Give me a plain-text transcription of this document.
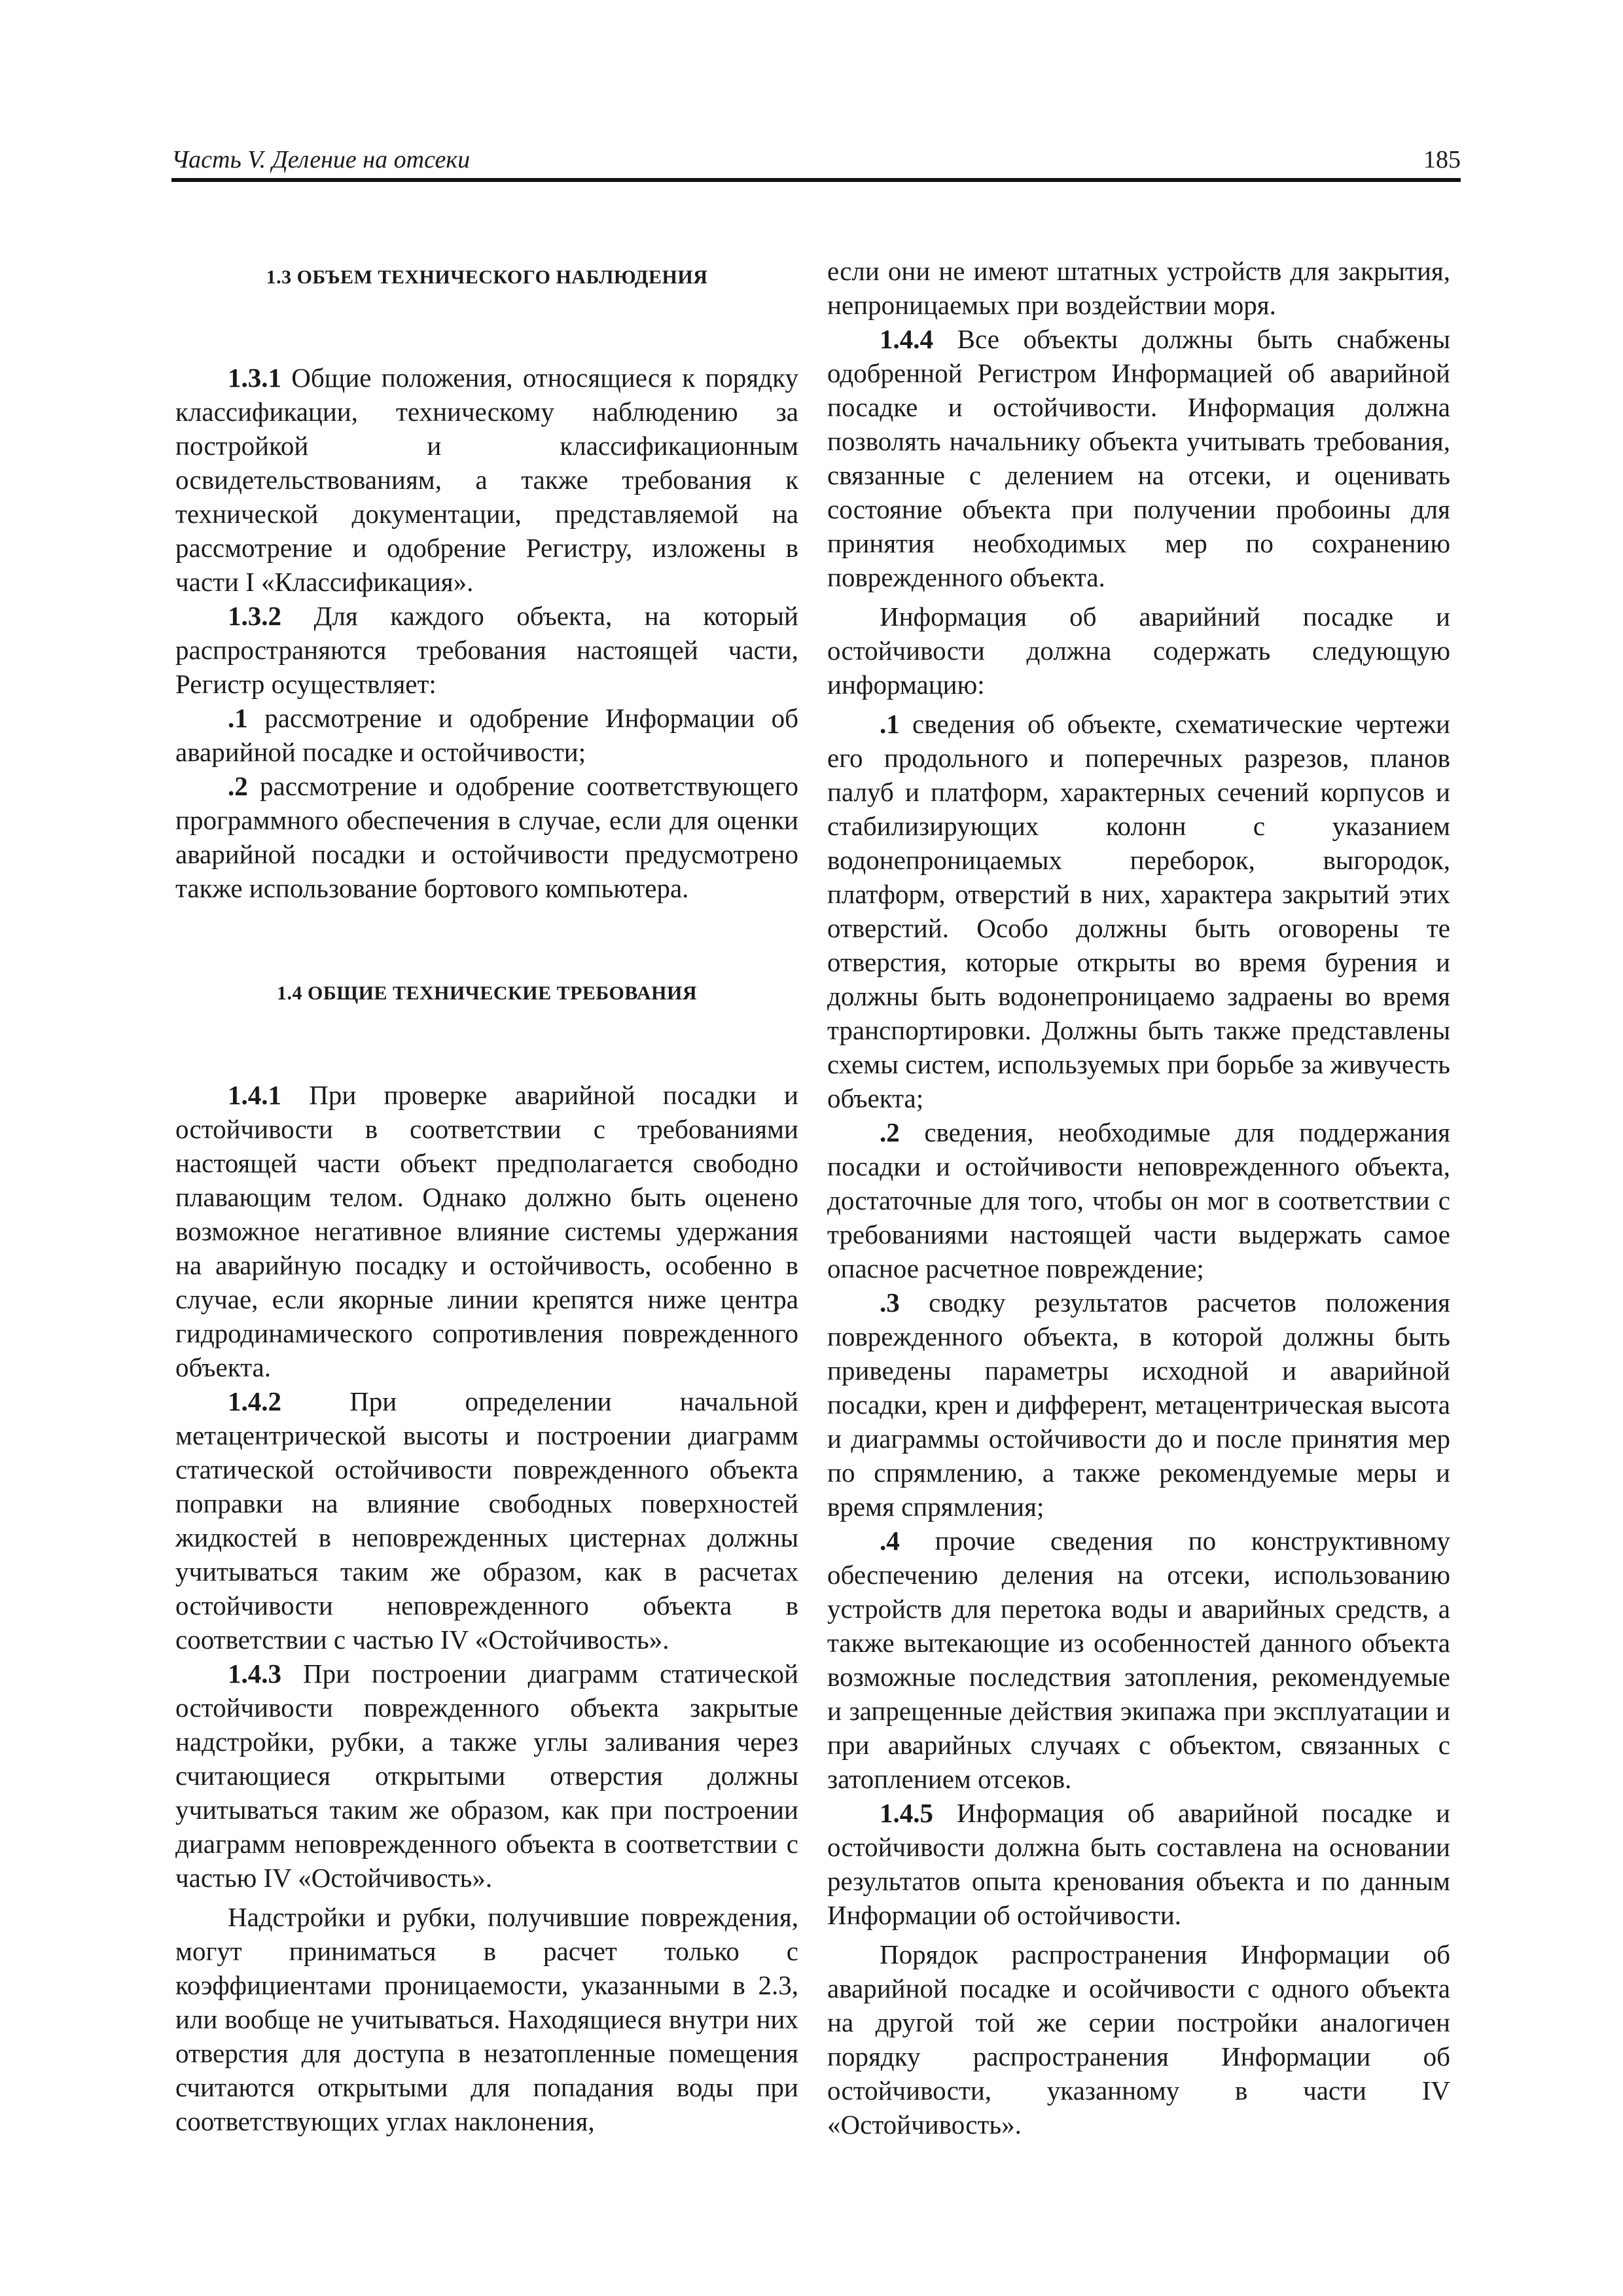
Часть V. Деление на отсеки	185

1.3 ОБЪЕМ ТЕХНИЧЕСКОГО НАБЛЮДЕНИЯ

1.3.1 Общие положения, относящиеся к порядку классификации, техническому наблюдению за постройкой и классификационным освидетельствованиям, а также требования к технической документации, представляемой на рассмотрение и одобрение Регистру, изложены в части I «Классификация».

1.3.2 Для каждого объекта, на который распространяются требования настоящей части, Регистр осуществляет:

.1 рассмотрение и одобрение Информации об аварийной посадке и остойчивости;

.2 рассмотрение и одобрение соответствующего программного обеспечения в случае, если для оценки аварийной посадки и остойчивости предусмотрено также использование бортового компьютера.

1.4 ОБЩИЕ ТЕХНИЧЕСКИЕ ТРЕБОВАНИЯ

1.4.1 При проверке аварийной посадки и остойчивости в соответствии с требованиями настоящей части объект предполагается свободно плавающим телом. Однако должно быть оценено возможное негативное влияние системы удержания на аварийную посадку и остойчивость, особенно в случае, если якорные линии крепятся ниже центра гидродинамического сопротивления поврежденного объекта.

1.4.2 При определении начальной метацентрической высоты и построении диаграмм статической остойчивости поврежденного объекта поправки на влияние свободных поверхностей жидкостей в неповрежденных цистернах должны учитываться таким же образом, как в расчетах остойчивости неповрежденного объекта в соответствии с частью IV «Остойчивость».

1.4.3 При построении диаграмм статической остойчивости поврежденного объекта закрытые надстройки, рубки, а также углы заливания через считающиеся открытыми отверстия должны учитываться таким же образом, как при построении диаграмм неповрежденного объекта в соответствии с частью IV «Остойчивость».

Надстройки и рубки, получившие повреждения, могут приниматься в расчет только с коэффициентами проницаемости, указанными в 2.3, или вообще не учитываться. Находящиеся внутри них отверстия для доступа в незатопленные помещения считаются открытыми для попадания воды при соответствующих углах наклонения,

если они не имеют штатных устройств для закрытия, непроницаемых при воздействии моря.

1.4.4 Все объекты должны быть снабжены одобренной Регистром Информацией об аварийной посадке и остойчивости. Информация должна позволять начальнику объекта учитывать требования, связанные с делением на отсеки, и оценивать состояние объекта при получении пробоины для принятия необходимых мер по сохранению поврежденного объекта.

Информация об аварийний посадке и остойчивости должна содержать следующую информацию:

.1 сведения об объекте, схематические чертежи его продольного и поперечных разрезов, планов палуб и платформ, характерных сечений корпусов и стабилизирующих колонн с указанием водонепроницаемых переборок, выгородок, платформ, отверстий в них, характера закрытий этих отверстий. Особо должны быть оговорены те отверстия, которые открыты во время бурения и должны быть водонепроницаемо задраены во время транспортировки. Должны быть также представлены схемы систем, используемых при борьбе за живучесть объекта;

.2 сведения, необходимые для поддержания посадки и остойчивости неповрежденного объекта, достаточные для того, чтобы он мог в соответствии с требованиями настоящей части выдержать самое опасное расчетное повреждение;

.3 сводку результатов расчетов положения поврежденного объекта, в которой должны быть приведены параметры исходной и аварийной посадки, крен и дифферент, метацентрическая высота и диаграммы остойчивости до и после принятия мер по спрямлению, а также рекомендуемые меры и время спрямления;

.4 прочие сведения по конструктивному обеспечению деления на отсеки, использованию устройств для перетока воды и аварийных средств, а также вытекающие из особенностей данного объекта возможные последствия затопления, рекомендуемые и запрещенные действия экипажа при эксплуатации и при аварийных случаях с объектом, связанных с затоплением отсеков.

1.4.5 Информация об аварийной посадке и остойчивости должна быть составлена на основании результатов опыта кренования объекта и по данным Информации об остойчивости.

Порядок распространения Информации об аварийной посадке и осойчивости с одного объекта на другой той же серии постройки аналогичен порядку распространения Информации об остойчивости, указанному в части IV «Остойчивость».
